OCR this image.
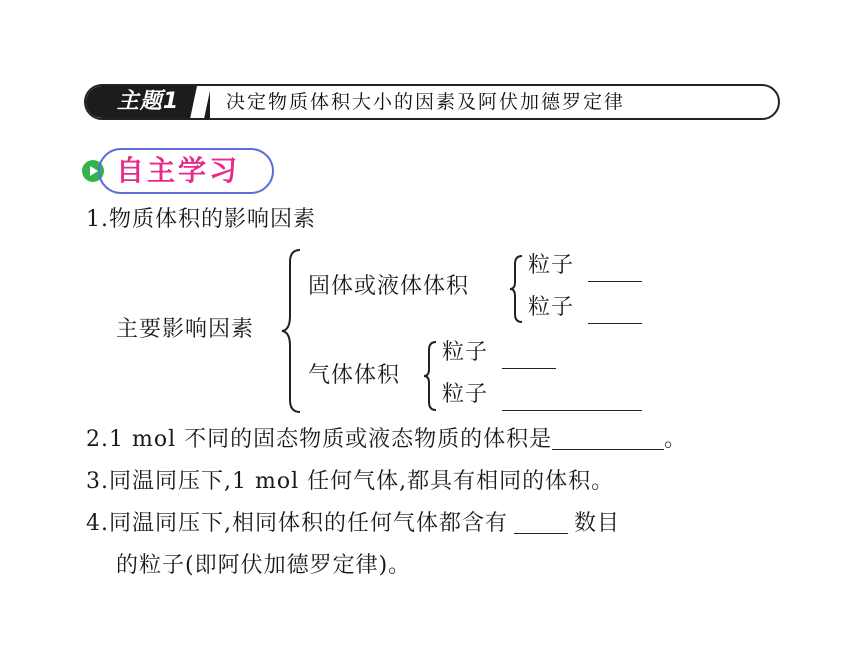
主题1	决定物质体积大小的因素及阿伏加德罗定律
自主学习
1.物质体积的影响因素
主要影响因素
固体或液体体积
粒子
粒子
气体体积
粒子
粒子
2.1 mol 不同的固态物质或液态物质的体积是	。
3.同温同压下,1 mol 任何气体,都具有相同的体积。
4.同温同压下,相同体积的任何气体都含有	数目
的粒子(即阿伏加德罗定律)。
